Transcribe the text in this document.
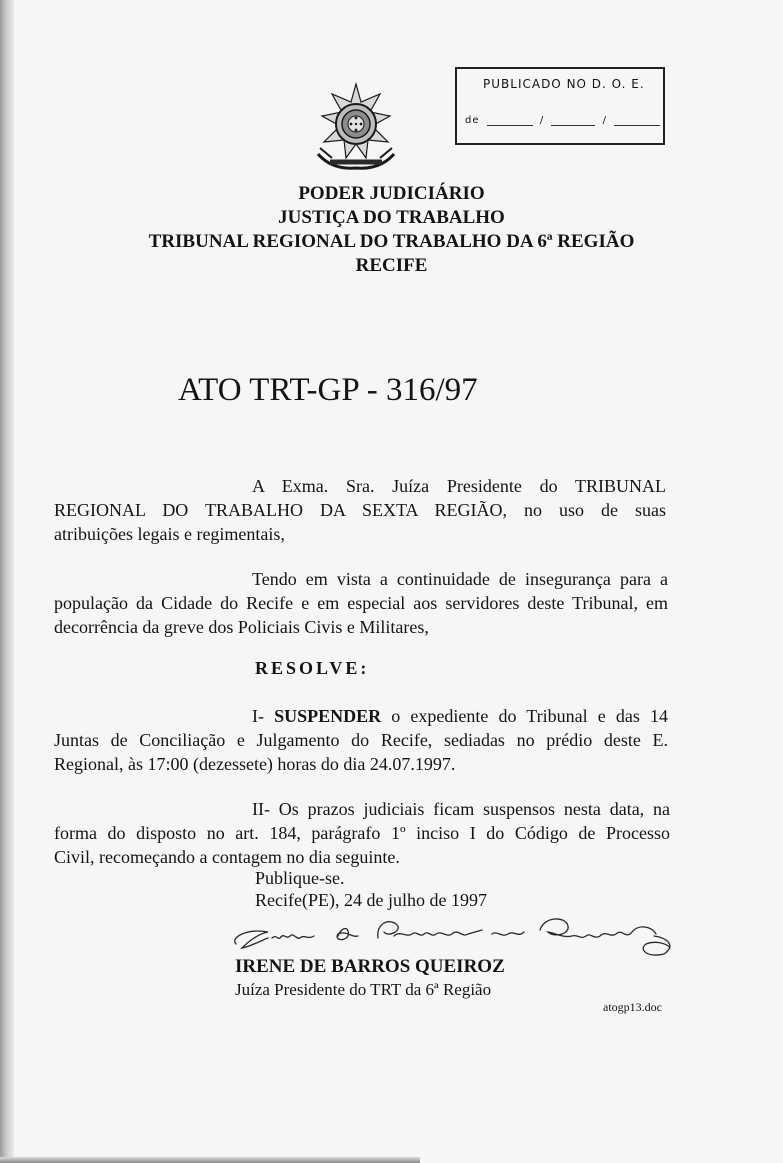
PUBLICADO NO D. O. E.
de	/	/
PODER JUDICIÁRIO
JUSTIÇA DO TRABALHO
TRIBUNAL REGIONAL DO TRABALHO DA 6ª REGIÃO
RECIFE
ATO TRT-GP - 316/97
A Exma. Sra. Juíza Presidente do TRIBUNAL
REGIONAL DO TRABALHO DA SEXTA REGIÃO, no uso de suas
atribuições legais e regimentais,
Tendo em vista a continuidade de insegurança para a
população da Cidade do Recife e em especial aos servidores deste Tribunal, em
decorrência da greve dos Policiais Civis e Militares,
RESOLVE:
I- SUSPENDER o expediente do Tribunal e das 14
Juntas de Conciliação e Julgamento do Recife, sediadas no prédio deste E.
Regional, às 17:00 (dezessete) horas do dia 24.07.1997.
II- Os prazos judiciais ficam suspensos nesta data, na
forma do disposto no art. 184, parágrafo 1º inciso I do Código de Processo
Civil, recomeçando a contagem no dia seguinte.
Publique-se.
Recife(PE), 24 de julho de 1997
IRENE DE BARROS QUEIROZ
Juíza Presidente do TRT da 6ª Região
atogp13.doc
